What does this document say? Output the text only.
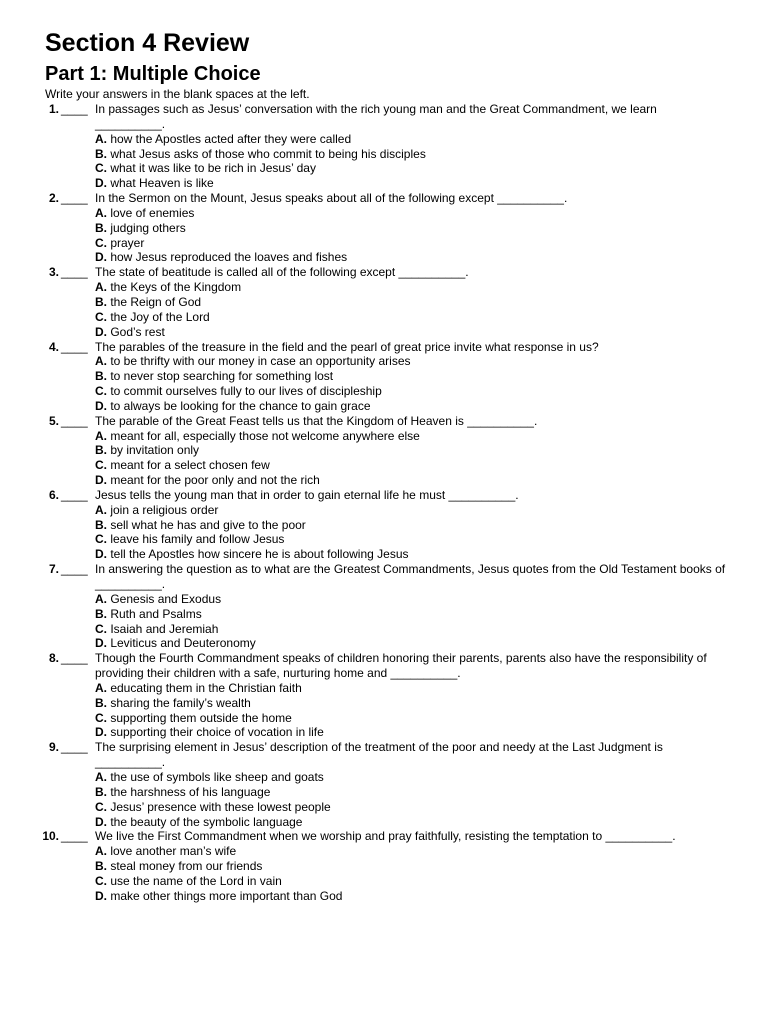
Section 4 Review
Part 1: Multiple Choice
Write your answers in the blank spaces at the left.
1. ____ In passages such as Jesus’ conversation with the rich young man and the Great Commandment, we learn __________.
A. how the Apostles acted after they were called
B. what Jesus asks of those who commit to being his disciples
C. what it was like to be rich in Jesus’ day
D. what Heaven is like
2. ____ In the Sermon on the Mount, Jesus speaks about all of the following except __________.
A. love of enemies
B. judging others
C. prayer
D. how Jesus reproduced the loaves and fishes
3. ____ The state of beatitude is called all of the following except __________.
A. the Keys of the Kingdom
B. the Reign of God
C. the Joy of the Lord
D. God’s rest
4. ____ The parables of the treasure in the field and the pearl of great price invite what response in us?
A. to be thrifty with our money in case an opportunity arises
B. to never stop searching for something lost
C. to commit ourselves fully to our lives of discipleship
D. to always be looking for the chance to gain grace
5. ____ The parable of the Great Feast tells us that the Kingdom of Heaven is __________.
A. meant for all, especially those not welcome anywhere else
B. by invitation only
C. meant for a select chosen few
D. meant for the poor only and not the rich
6. ____ Jesus tells the young man that in order to gain eternal life he must __________.
A. join a religious order
B. sell what he has and give to the poor
C. leave his family and follow Jesus
D. tell the Apostles how sincere he is about following Jesus
7. ____ In answering the question as to what are the Greatest Commandments, Jesus quotes from the Old Testament books of __________.
A. Genesis and Exodus
B. Ruth and Psalms
C. Isaiah and Jeremiah
D. Leviticus and Deuteronomy
8. ____ Though the Fourth Commandment speaks of children honoring their parents, parents also have the responsibility of providing their children with a safe, nurturing home and __________.
A. educating them in the Christian faith
B. sharing the family’s wealth
C. supporting them outside the home
D. supporting their choice of vocation in life
9. ____ The surprising element in Jesus’ description of the treatment of the poor and needy at the Last Judgment is __________.
A. the use of symbols like sheep and goats
B. the harshness of his language
C. Jesus’ presence with these lowest people
D. the beauty of the symbolic language
10. ____ We live the First Commandment when we worship and pray faithfully, resisting the temptation to __________.
A. love another man’s wife
B. steal money from our friends
C. use the name of the Lord in vain
D. make other things more important than God
